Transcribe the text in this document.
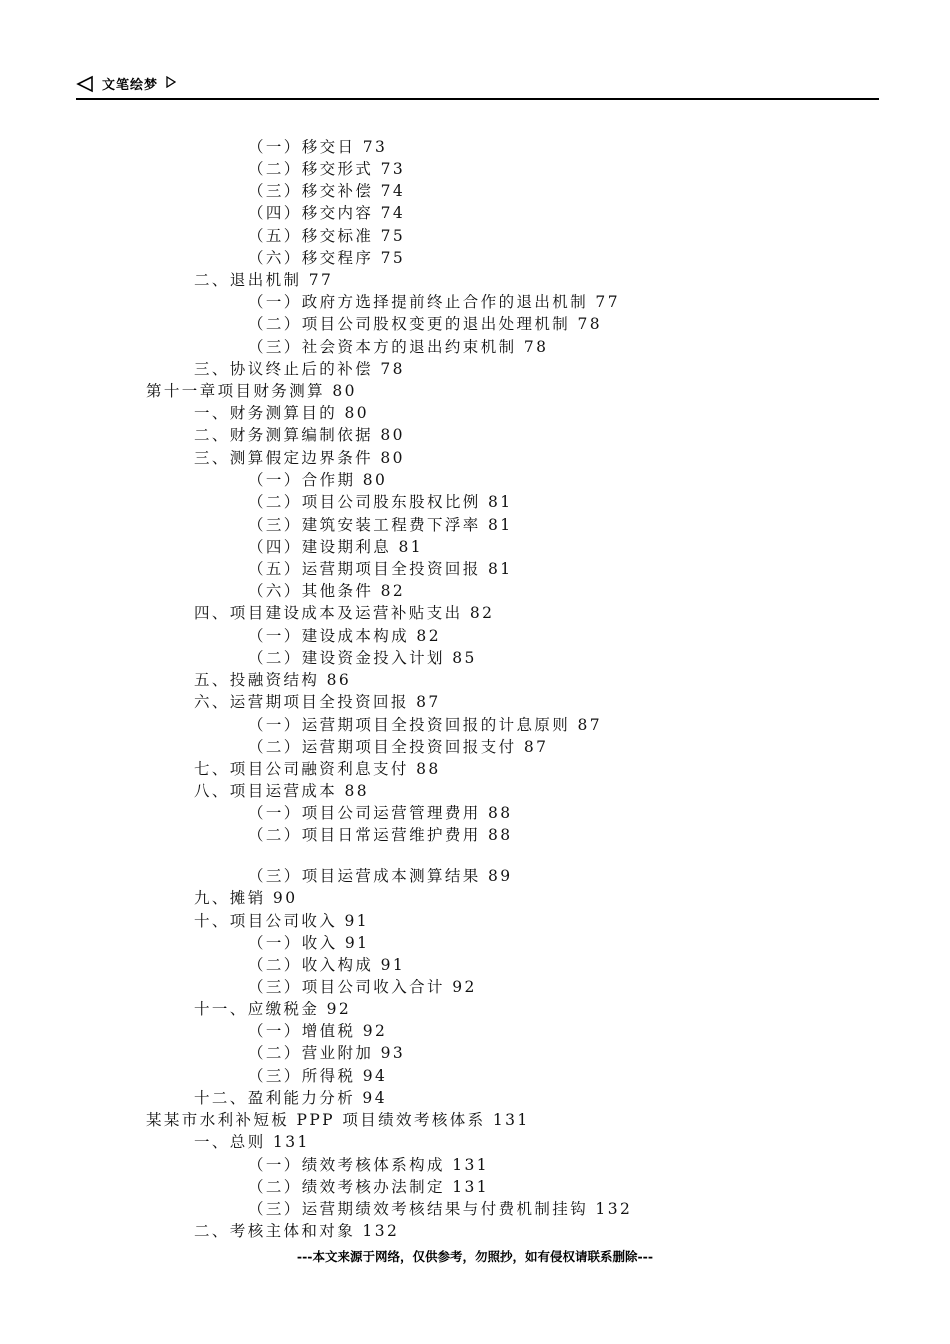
文笔绘梦
（一）移交日 73
（二）移交形式 73
（三）移交补偿 74
（四）移交内容 74
（五）移交标准 75
（六）移交程序 75
二、退出机制 77
（一）政府方选择提前终止合作的退出机制 77
（二）项目公司股权变更的退出处理机制 78
（三）社会资本方的退出约束机制 78
三、协议终止后的补偿 78
第十一章项目财务测算 80
一、财务测算目的 80
二、财务测算编制依据 80
三、测算假定边界条件 80
（一）合作期 80
（二）项目公司股东股权比例 81
（三）建筑安装工程费下浮率 81
（四）建设期利息 81
（五）运营期项目全投资回报 81
（六）其他条件 82
四、项目建设成本及运营补贴支出 82
（一）建设成本构成 82
（二）建设资金投入计划 85
五、投融资结构 86
六、运营期项目全投资回报 87
（一）运营期项目全投资回报的计息原则 87
（二）运营期项目全投资回报支付 87
七、项目公司融资利息支付 88
八、项目运营成本 88
（一）项目公司运营管理费用 88
（二）项目日常运营维护费用 88
（三）项目运营成本测算结果 89
九、摊销 90
十、项目公司收入 91
（一）收入 91
（二）收入构成 91
（三）项目公司收入合计 92
十一、应缴税金 92
（一）增值税 92
（二）营业附加 93
（三）所得税 94
十二、盈利能力分析 94
某某市水利补短板 PPP 项目绩效考核体系 131
一、总则 131
（一）绩效考核体系构成 131
（二）绩效考核办法制定 131
（三）运营期绩效考核结果与付费机制挂钩 132
二、考核主体和对象 132
---本文来源于网络，仅供参考，勿照抄，如有侵权请联系删除---
